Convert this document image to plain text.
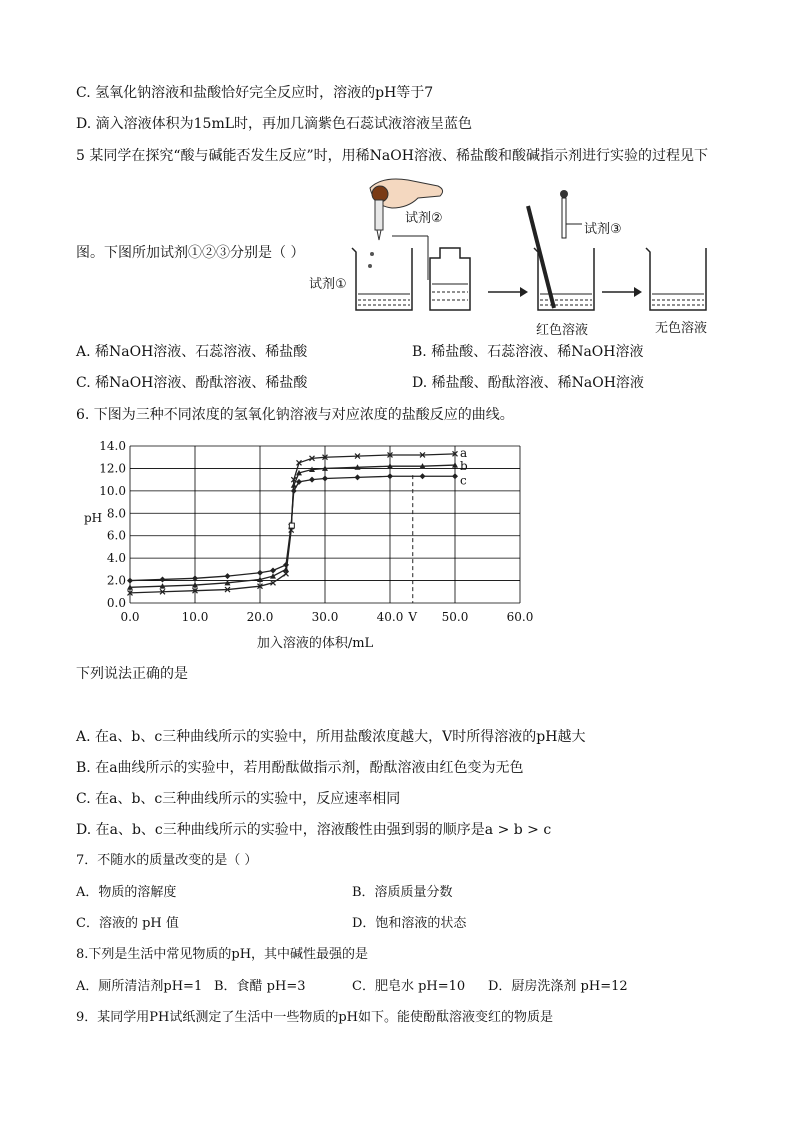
C. 氢氧化钠溶液和盐酸恰好完全反应时，溶液的pH等于7
D. 滴入溶液体积为15mL时，再加几滴紫色石蕊试液溶液呈蓝色
5 某同学在探究“酸与碱能否发生反应”时，用稀NaOH溶液、稀盐酸和酸碱指示剂进行实验的过程见下
图。下图所加试剂①②③分别是（ ）
试剂②
试剂③
试剂①
红色溶液	无色溶液
A. 稀NaOH溶液、石蕊溶液、稀盐酸	B. 稀盐酸、石蕊溶液、稀NaOH溶液
C. 稀NaOH溶液、酚酞溶液、稀盐酸	D. 稀盐酸、酚酞溶液、稀NaOH溶液
6. 下图为三种不同浓度的氢氧化钠溶液与对应浓度的盐酸反应的曲线。
0.0	10.0	20.0	30.0	40.0	50.0	60.0
0.0
2.0
4.0
6.0
8.0
10.0
12.0
14.0
pH
加入溶液的体积/mL
V
a
b
c
下列说法正确的是
A. 在a、b、c三种曲线所示的实验中，所用盐酸浓度越大，V时所得溶液的pH越大
B. 在a曲线所示的实验中，若用酚酞做指示剂，酚酞溶液由红色变为无色
C. 在a、b、c三种曲线所示的实验中，反应速率相同
D. 在a、b、c三种曲线所示的实验中，溶液酸性由强到弱的顺序是a > b > c
7．不随水的质量改变的是（ ）
A．物质的溶解度	B．溶质质量分数
C．溶液的 pH 值	D．饱和溶液的状态
8.下列是生活中常见物质的pH，其中碱性最强的是
A．厕所清洁剂pH=1 B．食醋 pH=3	C．肥皂水 pH=10 D．厨房洗涤剂 pH=12
9．某同学用PH试纸测定了生活中一些物质的pH如下。能使酚酞溶液变红的物质是
